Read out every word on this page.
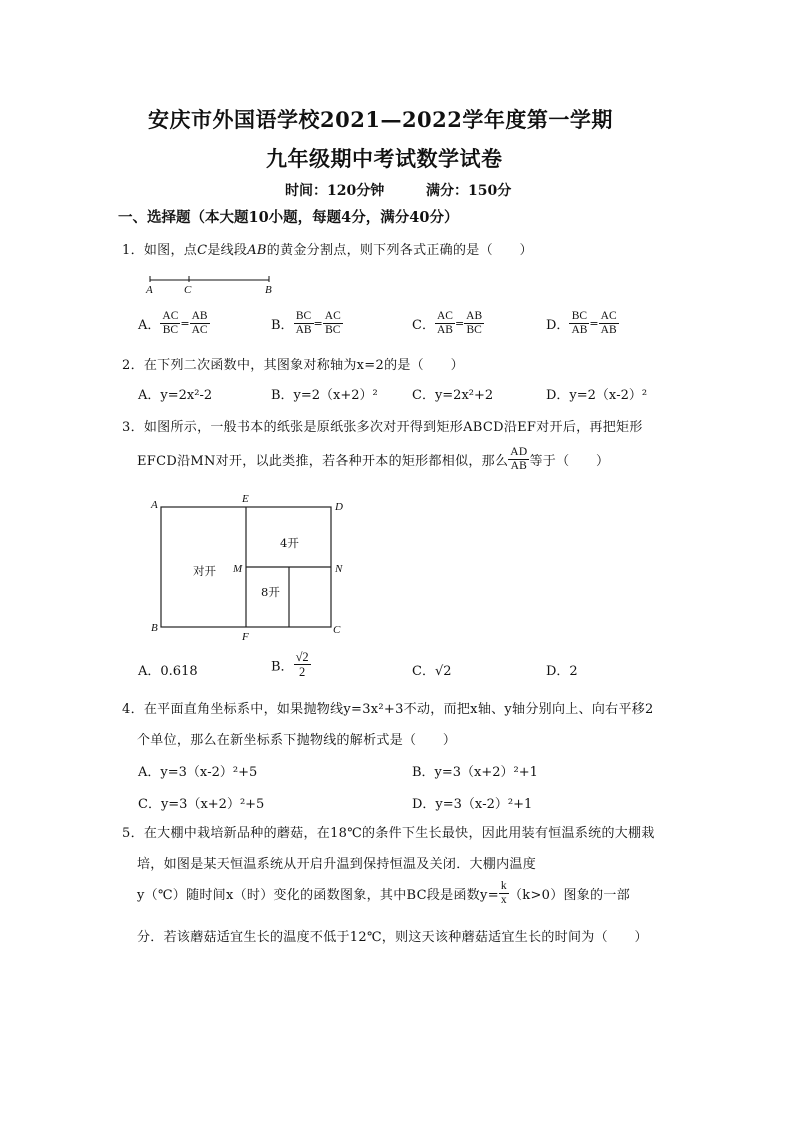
安庆市外国语学校2021—2022学年度第一学期
九年级期中考试数学试卷
时间：120分钟	满分：150分
一、选择题（本大题10小题，每题4分，满分40分）
1．如图，点C是线段AB的黄金分割点，则下列各式正确的是（　　）
A	C	B
A． $\frac{AC}{BC} = \frac{AB}{AC}$	B． $\frac{BC}{AB} = \frac{AC}{BC}$	C． $\frac{AC}{AB} = \frac{AB}{BC}$	D． $\frac{BC}{AB} = \frac{AC}{AB}$
2．在下列二次函数中，其图象对称轴为x=2的是（　　）
A．y=2x²‐2	B．y=2（x+2）²	C．y=2x²+2	D．y=2（x‐2）²
3．如图所示，一般书本的纸张是原纸张多次对开得到矩形ABCD沿EF对开后，再把矩形
EFCD沿MN对开，以此类推，若各种开本的矩形都相似，那么 $\frac{AD}{AB}$ 等于（　　）
A	E
D
M	N
B
F
C
对开
4开
8开
A．0.618	B． $\frac{√2}{2}$	C．√2	D．2
4．在平面直角坐标系中，如果抛物线y=3x²+3不动，而把x轴、y轴分别向上、向右平移2
个单位，那么在新坐标系下抛物线的解析式是（　　）
A．y=3（x‐2）²+5	B．y=3（x+2）²+1
C．y=3（x+2）²+5	D．y=3（x‐2）²+1
5．在大棚中栽培新品种的蘑菇，在18℃的条件下生长最快，因此用装有恒温系统的大棚栽
培，如图是某天恒温系统从开启升温到保持恒温及关闭．大棚内温度
y（℃）随时间x（时）变化的函数图象，其中BC段是函数$y= \frac{k}{x} (k>0)$图象的一部
分．若该蘑菇适宜生长的温度不低于12℃，则这天该种蘑菇适宜生长的时间为（　　）
